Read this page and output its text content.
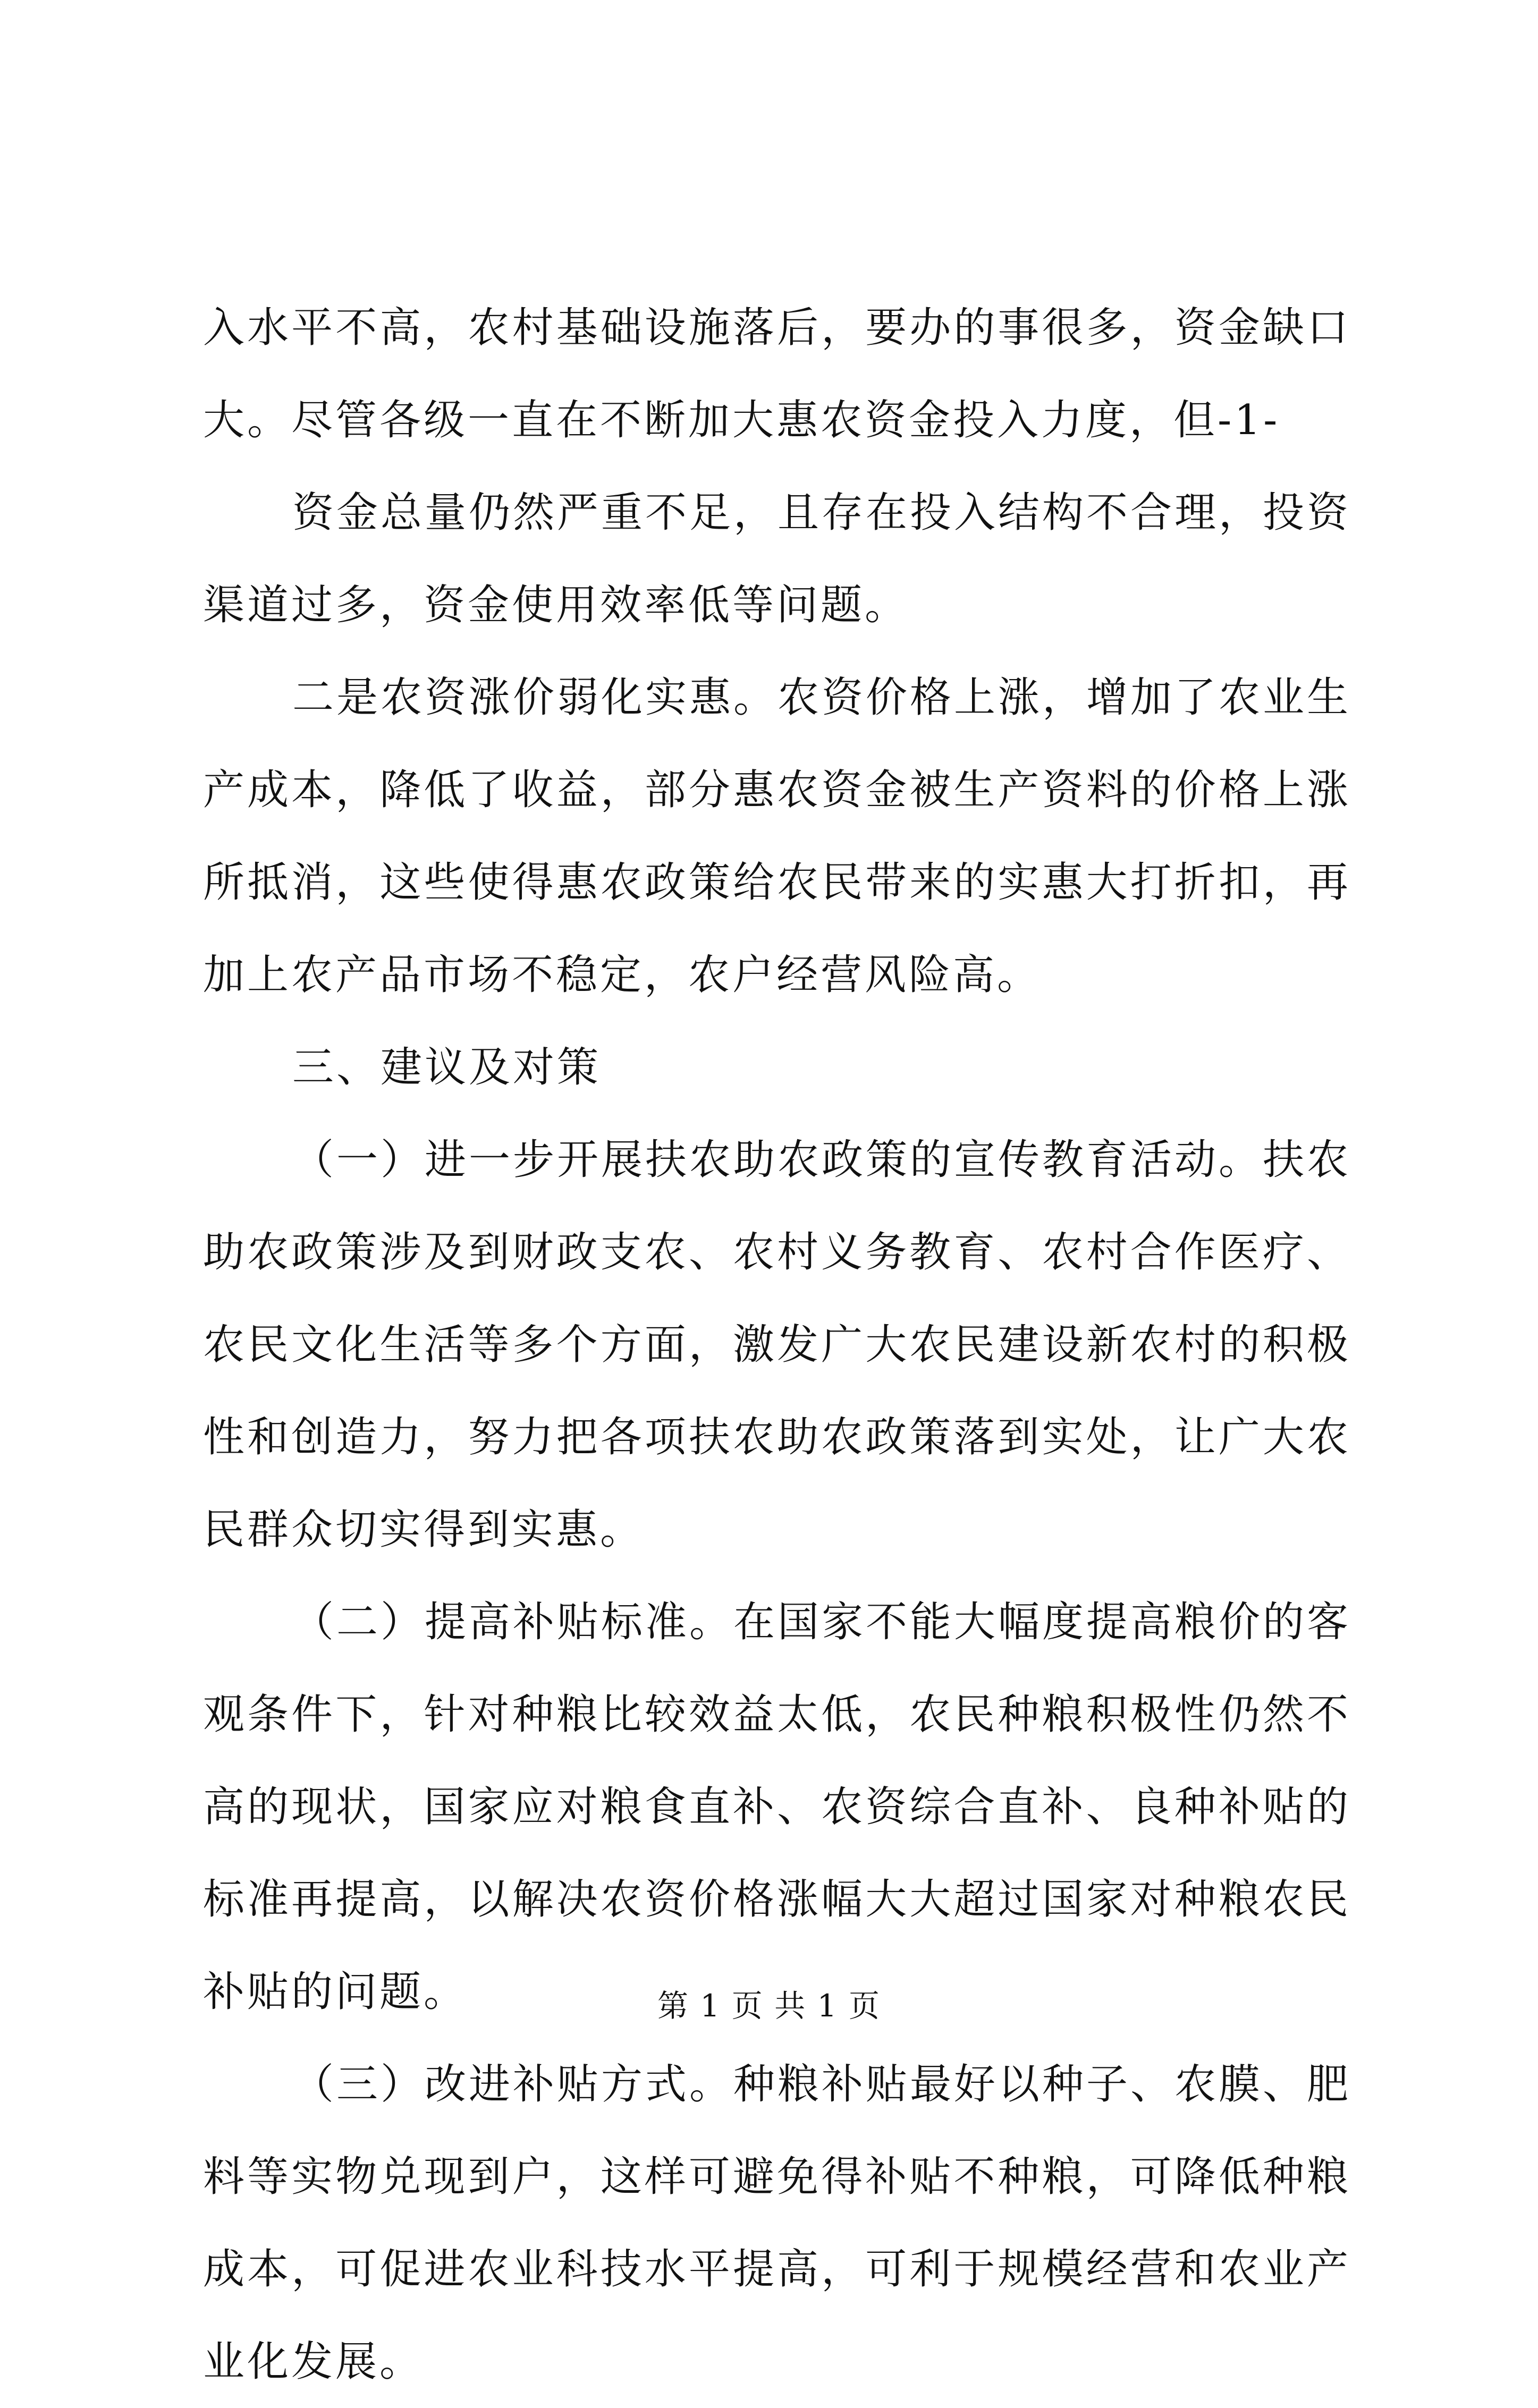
入水平不高，农村基础设施落后，要办的事很多，资金缺口大。尽管各级一直在不断加大惠农资金投入力度，但-1-

资金总量仍然严重不足，且存在投入结构不合理，投资渠道过多，资金使用效率低等问题。

二是农资涨价弱化实惠。农资价格上涨，增加了农业生产成本，降低了收益，部分惠农资金被生产资料的价格上涨所抵消，这些使得惠农政策给农民带来的实惠大打折扣，再加上农产品市场不稳定，农户经营风险高。

三、建议及对策

（一）进一步开展扶农助农政策的宣传教育活动。扶农助农政策涉及到财政支农、农村义务教育、农村合作医疗、农民文化生活等多个方面，激发广大农民建设新农村的积极性和创造力，努力把各项扶农助农政策落到实处，让广大农民群众切实得到实惠。

（二）提高补贴标准。在国家不能大幅度提高粮价的客观条件下，针对种粮比较效益太低，农民种粮积极性仍然不高的现状，国家应对粮食直补、农资综合直补、良种补贴的标准再提高，以解决农资价格涨幅大大超过国家对种粮农民补贴的问题。

（三）改进补贴方式。种粮补贴最好以种子、农膜、肥料等实物兑现到户，这样可避免得补贴不种粮，可降低种粮成本，可促进农业科技水平提高，可利于规模经营和农业产业化发展。

第 1 页 共 1 页
